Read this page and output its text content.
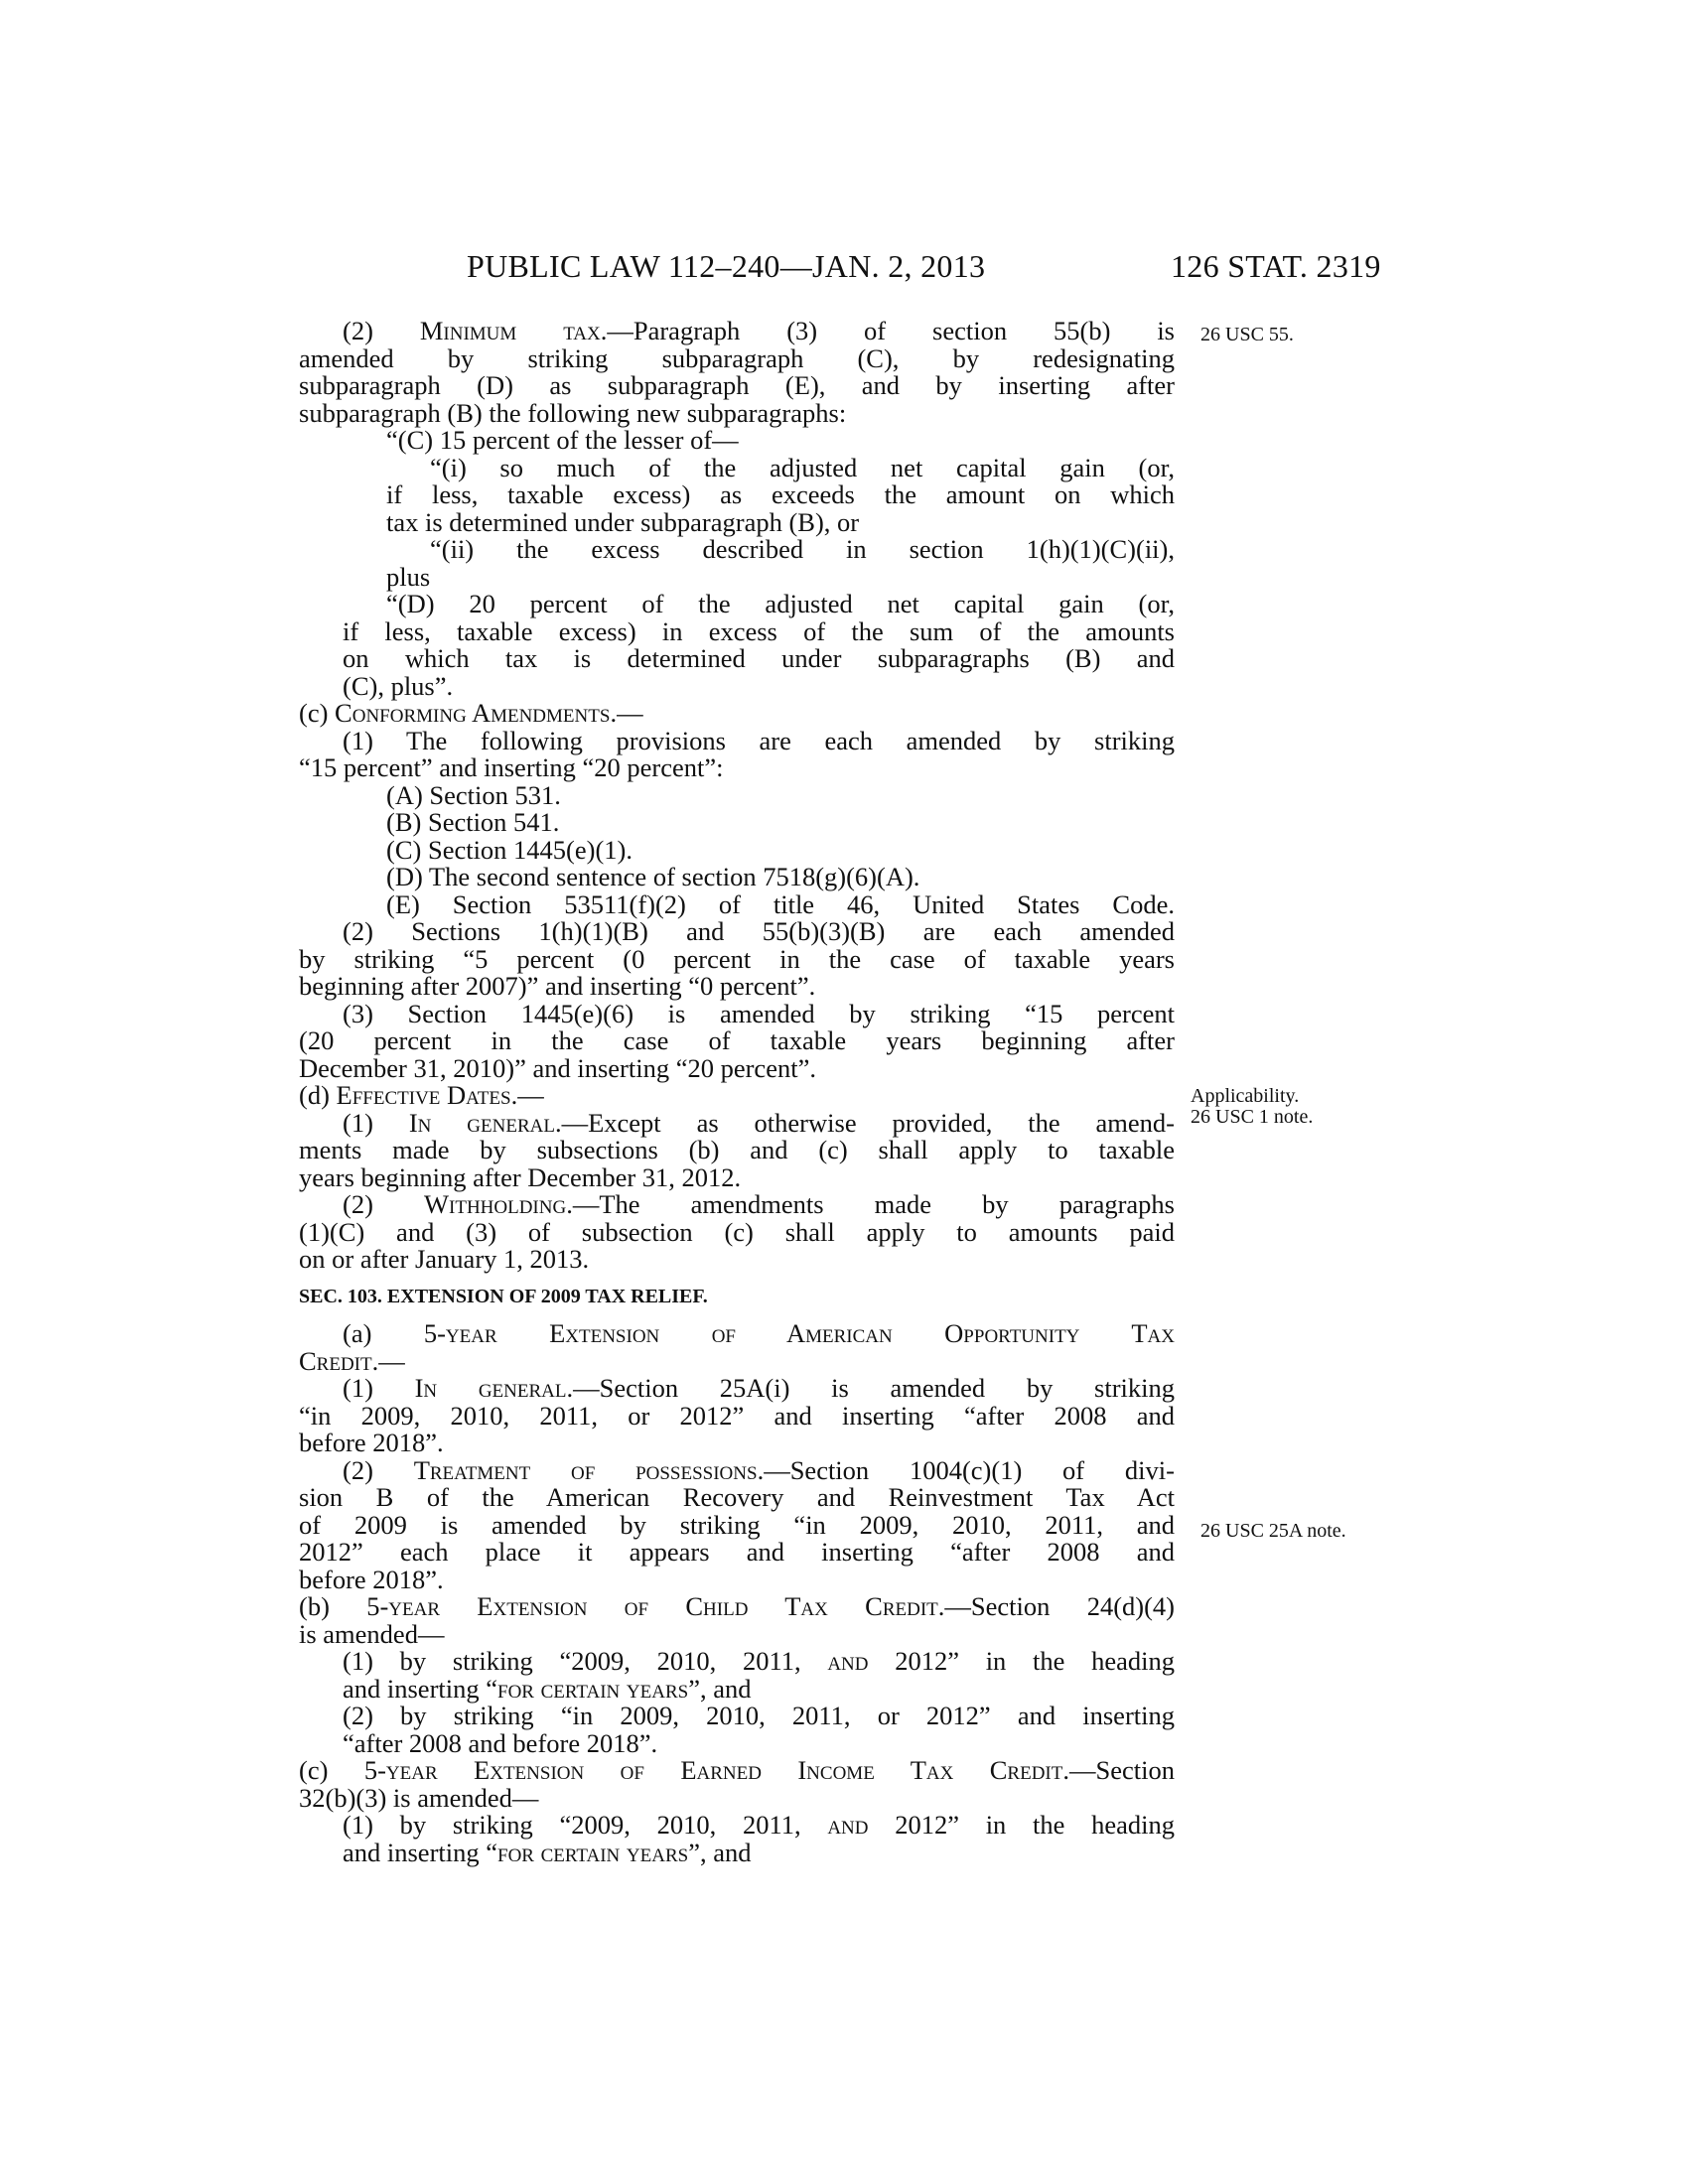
PUBLIC LAW 112–240—JAN. 2, 2013	126 STAT. 2319
26 USC 55.
Applicability.
26 USC 1 note.
26 USC 25A note.
(2) Minimum tax.—Paragraph (3) of section 55(b) is
amended by striking subparagraph (C), by redesignating
subparagraph (D) as subparagraph (E), and by inserting after
subparagraph (B) the following new subparagraphs:
“(C) 15 percent of the lesser of—
“(i) so much of the adjusted net capital gain (or,
if less, taxable excess) as exceeds the amount on which
tax is determined under subparagraph (B), or
“(ii) the excess described in section 1(h)(1)(C)(ii),
plus
“(D) 20 percent of the adjusted net capital gain (or,
if less, taxable excess) in excess of the sum of the amounts
on which tax is determined under subparagraphs (B) and
(C), plus”.
(c) Conforming Amendments.—
(1) The following provisions are each amended by striking
“15 percent” and inserting “20 percent”:
(A) Section 531.
(B) Section 541.
(C) Section 1445(e)(1).
(D) The second sentence of section 7518(g)(6)(A).
(E) Section 53511(f)(2) of title 46, United States Code.
(2) Sections 1(h)(1)(B) and 55(b)(3)(B) are each amended
by striking “5 percent (0 percent in the case of taxable years
beginning after 2007)” and inserting “0 percent”.
(3) Section 1445(e)(6) is amended by striking “15 percent
(20 percent in the case of taxable years beginning after
December 31, 2010)” and inserting “20 percent”.
(d) Effective Dates.—
(1) In general.—Except as otherwise provided, the amend-
ments made by subsections (b) and (c) shall apply to taxable
years beginning after December 31, 2012.
(2) Withholding.—The amendments made by paragraphs
(1)(C) and (3) of subsection (c) shall apply to amounts paid
on or after January 1, 2013.
SEC. 103. EXTENSION OF 2009 TAX RELIEF.
(a) 5-year Extension of American Opportunity Tax
Credit.—
(1) In general.—Section 25A(i) is amended by striking
“in 2009, 2010, 2011, or 2012” and inserting “after 2008 and
before 2018”.
(2) Treatment of possessions.—Section 1004(c)(1) of divi-
sion B of the American Recovery and Reinvestment Tax Act
of 2009 is amended by striking “in 2009, 2010, 2011, and
2012” each place it appears and inserting “after 2008 and
before 2018”.
(b) 5-year Extension of Child Tax Credit.—Section 24(d)(4)
is amended—
(1) by striking “2009, 2010, 2011, and 2012” in the heading
and inserting “for certain years”, and
(2) by striking “in 2009, 2010, 2011, or 2012” and inserting
“after 2008 and before 2018”.
(c) 5-year Extension of Earned Income Tax Credit.—Section
32(b)(3) is amended—
(1) by striking “2009, 2010, 2011, and 2012” in the heading
and inserting “for certain years”, and
